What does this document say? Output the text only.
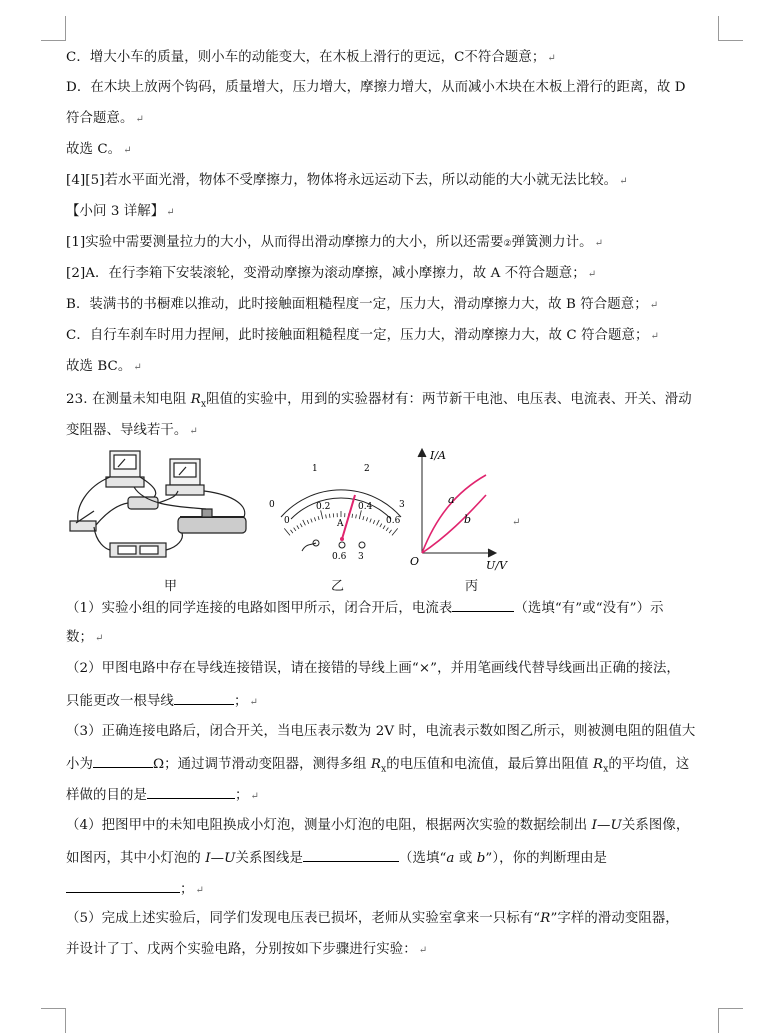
C．增大小车的质量，则小车的动能变大，在木板上滑行的更远，C不符合题意； ↵
D．在木块上放两个钩码，质量增大，压力增大，摩擦力增大，从而减小木块在木板上滑行的距离，故 D
符合题意。 ↵
故选 C。 ↵
[4][5]若水平面光滑，物体不受摩擦力，物体将永远运动下去，所以动能的大小就无法比较。 ↵
【小问 3 详解】 ↵
[1]实验中需要测量拉力的大小，从而得出滑动摩擦力的大小，所以还需要②弹簧测力计。 ↵
[2]A．在行李箱下安装滚轮，变滑动摩擦为滚动摩擦，减小摩擦力，故 A 不符合题意； ↵
B．装满书的书橱难以推动，此时接触面粗糙程度一定，压力大，滑动摩擦力大，故 B 符合题意； ↵
C．自行车刹车时用力捏闸，此时接触面粗糙程度一定，压力大，滑动摩擦力大，故 C 符合题意； ↵
故选 BC。 ↵
23. 在测量未知电阻 $R_x$阻值的实验中，用到的实验器材有：两节新干电池、电压表、电流表、开关、滑动
变阻器、导线若干。 ↵
0
1	2
3
0
0.2	0.4
0.6
A
0.6 3
I/A
U/V
O
a
b	↵
甲	乙	丙
（1）实验小组的同学连接的电路如图甲所示，闭合开后，电流表	（选填“有”或“没有”）示
数； ↵
（2）甲图电路中存在导线连接错误，请在接错的导线上画“×”，并用笔画线代替导线画出正确的接法，
只能更改一根导线	； ↵
（3）正确连接电路后，闭合开关，当电压表示数为 2V 时，电流表示数如图乙所示，则被测电阻的阻值大
小为	Ω；通过调节滑动变阻器，测得多组 $R_x$的电压值和电流值，最后算出阻值 $R_x$的平均值，这
样做的目的是	； ↵
（4）把图甲中的未知电阻换成小灯泡，测量小灯泡的电阻，根据两次实验的数据绘制出 I—U关系图像，
如图丙，其中小灯泡的 I—U关系图线是	（选填“a 或 b”），你的判断理由是
； ↵
（5）完成上述实验后，同学们发现电压表已损坏，老师从实验室拿来一只标有“R”字样的滑动变阻器，
并设计了丁、戊两个实验电路，分别按如下步骤进行实验： ↵
